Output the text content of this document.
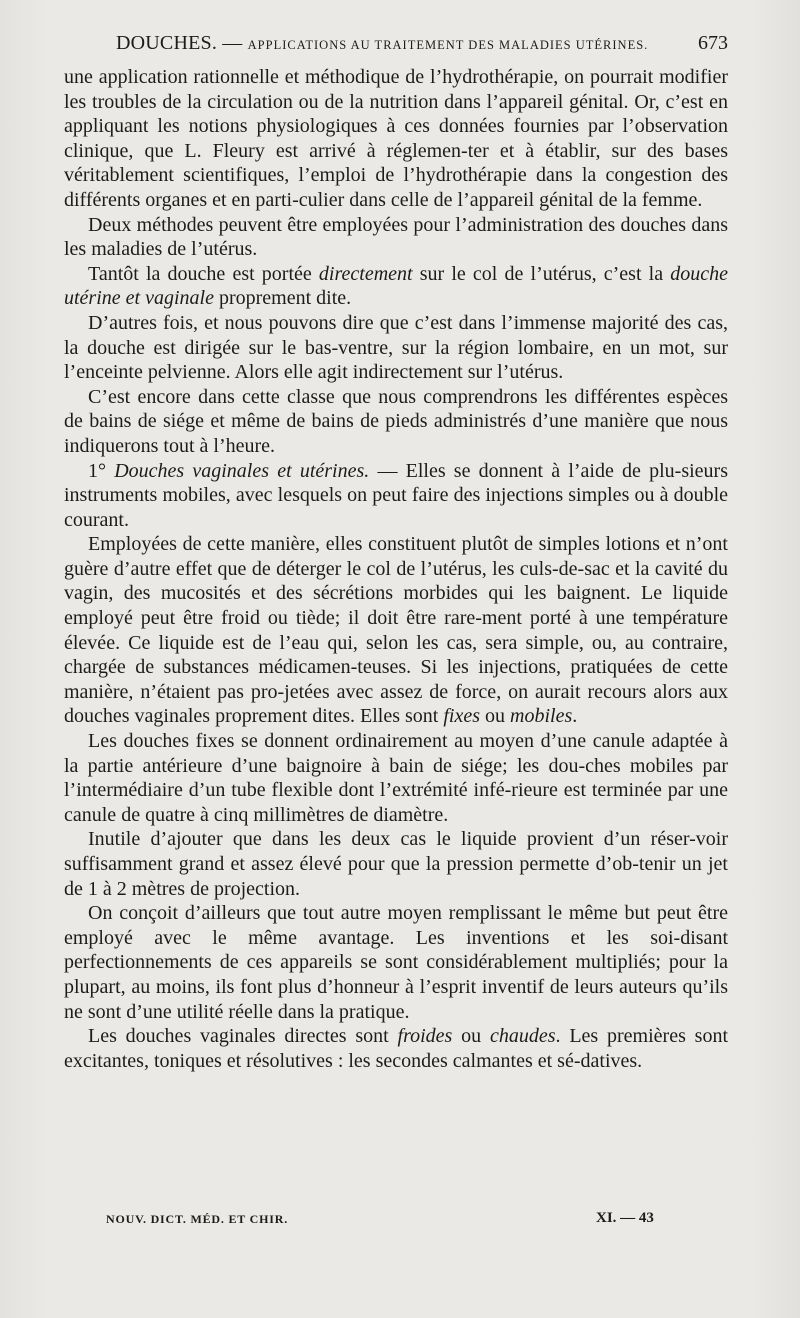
DOUCHES. — APPLICATIONS AU TRAITEMENT DES MALADIES UTÉRINES. 673

une application rationnelle et méthodique de l’hydrothérapie, on pourrait modifier les troubles de la circulation ou de la nutrition dans l’appareil génital. Or, c’est en appliquant les notions physiologiques à ces données fournies par l’observation clinique, que L. Fleury est arrivé à réglemen-ter et à établir, sur des bases véritablement scientifiques, l’emploi de l’hydrothérapie dans la congestion des différents organes et en parti-culier dans celle de l’appareil génital de la femme.

Deux méthodes peuvent être employées pour l’administration des douches dans les maladies de l’utérus.

Tantôt la douche est portée directement sur le col de l’utérus, c’est la douche utérine et vaginale proprement dite.

D’autres fois, et nous pouvons dire que c’est dans l’immense majorité des cas, la douche est dirigée sur le bas-ventre, sur la région lombaire, en un mot, sur l’enceinte pelvienne. Alors elle agit indirectement sur l’utérus.

C’est encore dans cette classe que nous comprendrons les différentes espèces de bains de siége et même de bains de pieds administrés d’une manière que nous indiquerons tout à l’heure.

1° Douches vaginales et utérines. — Elles se donnent à l’aide de plu-sieurs instruments mobiles, avec lesquels on peut faire des injections simples ou à double courant.

Employées de cette manière, elles constituent plutôt de simples lotions et n’ont guère d’autre effet que de déterger le col de l’utérus, les culs-de-sac et la cavité du vagin, des mucosités et des sécrétions morbides qui les baignent. Le liquide employé peut être froid ou tiède; il doit être rare-ment porté à une température élevée. Ce liquide est de l’eau qui, selon les cas, sera simple, ou, au contraire, chargée de substances médicamen-teuses. Si les injections, pratiquées de cette manière, n’étaient pas pro-jetées avec assez de force, on aurait recours alors aux douches vaginales proprement dites. Elles sont fixes ou mobiles.

Les douches fixes se donnent ordinairement au moyen d’une canule adaptée à la partie antérieure d’une baignoire à bain de siége; les dou-ches mobiles par l’intermédiaire d’un tube flexible dont l’extrémité infé-rieure est terminée par une canule de quatre à cinq millimètres de diamètre.

Inutile d’ajouter que dans les deux cas le liquide provient d’un réser-voir suffisamment grand et assez élevé pour que la pression permette d’ob-tenir un jet de 1 à 2 mètres de projection.

On conçoit d’ailleurs que tout autre moyen remplissant le même but peut être employé avec le même avantage. Les inventions et les soi-disant perfectionnements de ces appareils se sont considérablement multipliés; pour la plupart, au moins, ils font plus d’honneur à l’esprit inventif de leurs auteurs qu’ils ne sont d’une utilité réelle dans la pratique.

Les douches vaginales directes sont froides ou chaudes. Les premières sont excitantes, toniques et résolutives : les secondes calmantes et sé-datives.

NOUV. DICT. MÉD. ET CHIR.	XI. — 43
